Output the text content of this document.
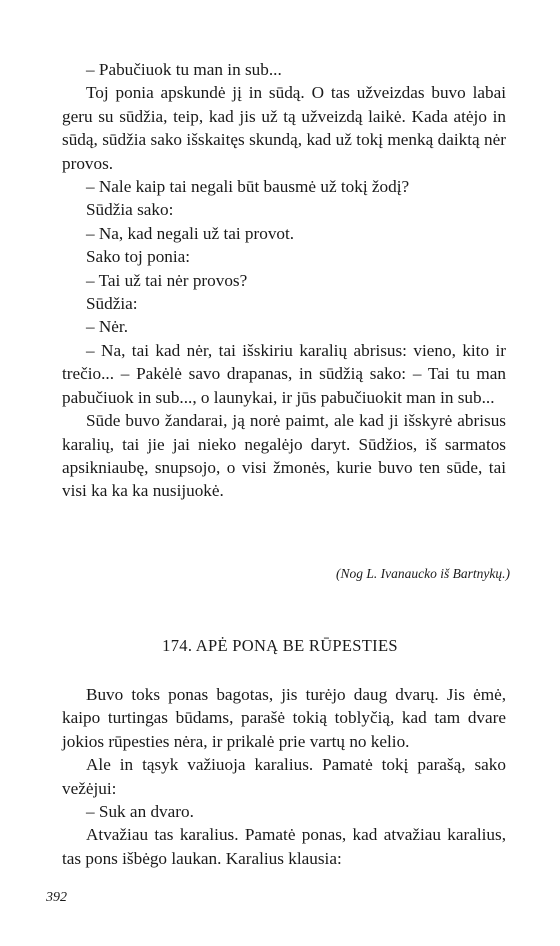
– Pabučiuok tu man in sub...

Toj ponia apskundė jį in sūdą. O tas užveizdas buvo labai geru su sūdžia, teip, kad jis už tą užveizdą laikė. Kada atėjo in sūdą, sūdžia sako išskaitęs skundą, kad už tokį menką daiktą nėr provos.

– Nale kaip tai negali būt bausmė už tokį žodį?

Sūdžia sako:

– Na, kad negali už tai provot.

Sako toj ponia:

– Tai už tai nėr provos?

Sūdžia:

– Nėr.

– Na, tai kad nėr, tai išskiriu karalių abrisus: vieno, kito ir trečio... – Pakėlė savo drapanas, in sūdžią sako: – Tai tu man pabučiuok in sub..., o launykai, ir jūs pabučiuokit man in sub...

Sūde buvo žandarai, ją norė paimt, ale kad ji išskyrė abrisus karalių, tai jie jai nieko negalėjo daryt. Sūdžios, iš sarmatos apsikniaubę, snupsojo, o visi žmonės, kurie buvo ten sūde, tai visi ka ka ka nusijuokė.

(Nog L. Ivanaucko iš Bartnykų.)
174. APĖ PONĄ BE RŪPESTIES

Buvo toks ponas bagotas, jis turėjo daug dvarų. Jis ėmė, kaipo turtingas būdams, parašė tokią toblyčią, kad tam dvare jokios rūpesties nėra, ir prikalė prie vartų no kelio.

Ale in tąsyk važiuoja karalius. Pamatė tokį parašą, sako vežėjui:

– Suk an dvaro.

Atvažiau tas karalius. Pamatė ponas, kad atvažiau karalius, tas pons išbėgo laukan. Karalius klausia:

392
